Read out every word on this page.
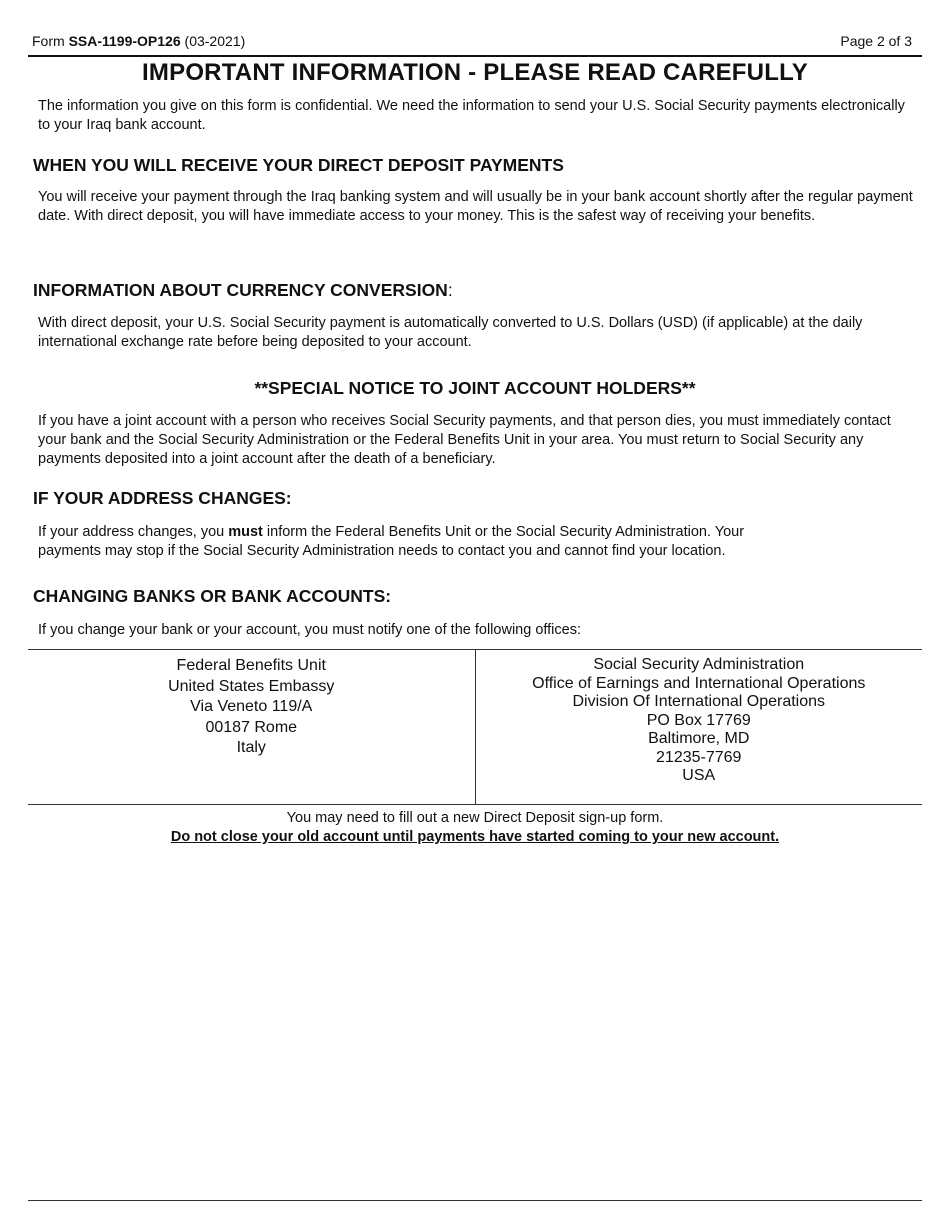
Form SSA-1199-OP126 (03-2021)	Page 2 of 3
IMPORTANT INFORMATION - PLEASE READ CAREFULLY
The information you give on this form is confidential. We need the information to send your U.S. Social Security payments electronically to your Iraq bank account.
WHEN YOU WILL RECEIVE YOUR DIRECT DEPOSIT PAYMENTS
You will receive your payment through the Iraq banking system and will usually be in your bank account shortly after the regular payment date. With direct deposit, you will have immediate access to your money. This is the safest way of receiving your benefits.
INFORMATION ABOUT CURRENCY CONVERSION:
With direct deposit, your U.S. Social Security payment is automatically converted to U.S. Dollars (USD) (if applicable) at the daily international exchange rate before being deposited to your account.
**SPECIAL NOTICE TO JOINT ACCOUNT HOLDERS**
If you have a joint account with a person who receives Social Security payments, and that person dies, you must immediately contact your bank and the Social Security Administration or the Federal Benefits Unit in your area. You must return to Social Security any payments deposited into a joint account after the death of a beneficiary.
IF YOUR ADDRESS CHANGES:
If your address changes, you must inform the Federal Benefits Unit or the Social Security Administration. Your
payments may stop if the Social Security Administration needs to contact you and cannot find your location.
CHANGING BANKS OR BANK ACCOUNTS:
If you change your bank or your account, you must notify one of the following offices:
Federal Benefits Unit
United States Embassy
Via Veneto 119/A
00187 Rome
Italy
Social Security Administration
Office of Earnings and International Operations
Division Of International Operations
PO Box 17769
Baltimore, MD
21235-7769
USA
You may need to fill out a new Direct Deposit sign-up form.
Do not close your old account until payments have started coming to your new account.
